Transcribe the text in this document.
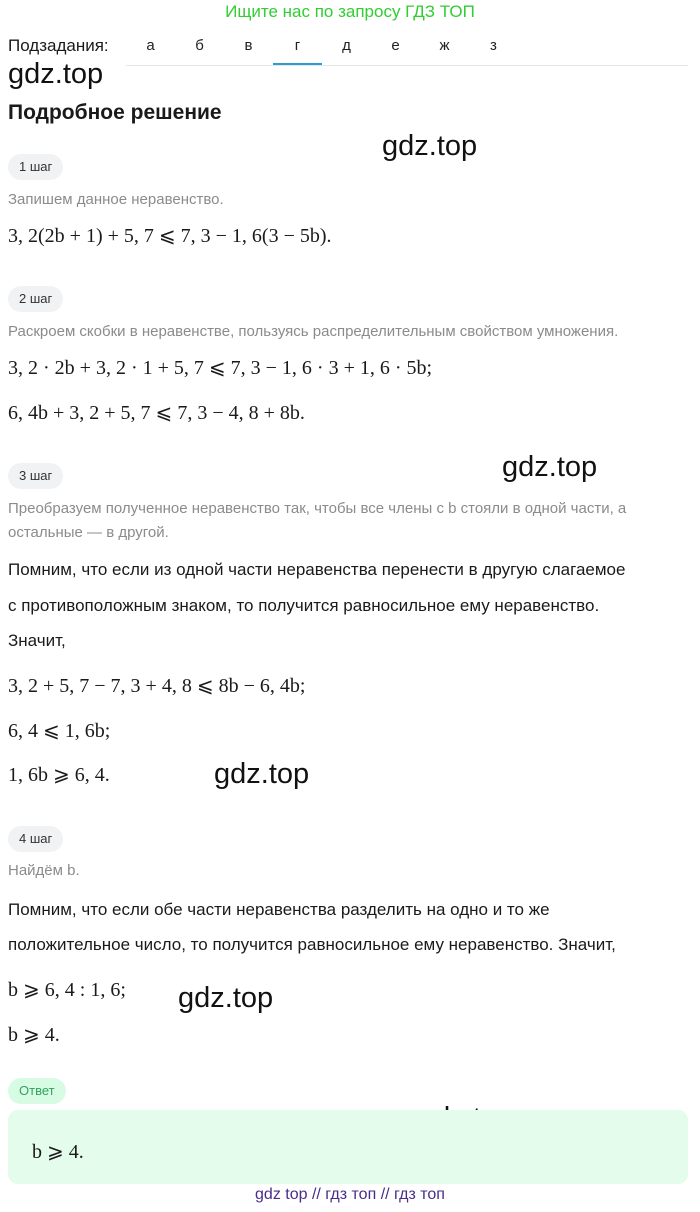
Ищите нас по запросу ГДЗ ТОП
Подзадания:	а	б	в	г	д	е	ж	з
gdz.top
gdz.top
gdz.top
gdz.top
gdz.top
Подробное решение
1 шаг
Запишем данное неравенство.
3, 2(2b + 1) + 5, 7 ⩽ 7, 3 − 1, 6(3 − 5b).
2 шаг
Раскроем скобки в неравенстве, пользуясь распределительным свойством умножения.
3, 2 · 2b + 3, 2 · 1 + 5, 7 ⩽ 7, 3 − 1, 6 · 3 + 1, 6 · 5b;
6, 4b + 3, 2 + 5, 7 ⩽ 7, 3 − 4, 8 + 8b.
3 шаг
Преобразуем полученное неравенство так, чтобы все члены с b стояли в одной части, а
остальные — в другой.
Помним, что если из одной части неравенства перенести в другую слагаемое
с противоположным знаком, то получится равносильное ему неравенство.
Значит,
3, 2 + 5, 7 − 7, 3 + 4, 8 ⩽ 8b − 6, 4b;
6, 4 ⩽ 1, 6b;
1, 6b ⩾ 6, 4.
4 шаг
Найдём b.
Помним, что если обе части неравенства разделить на одно и то же
положительное число, то получится равносильное ему неравенство. Значит,
b ⩾ 6, 4 : 1, 6;
b ⩾ 4.
Ответ
b ⩾ 4.
gdz top // гдз топ // гдз топ
